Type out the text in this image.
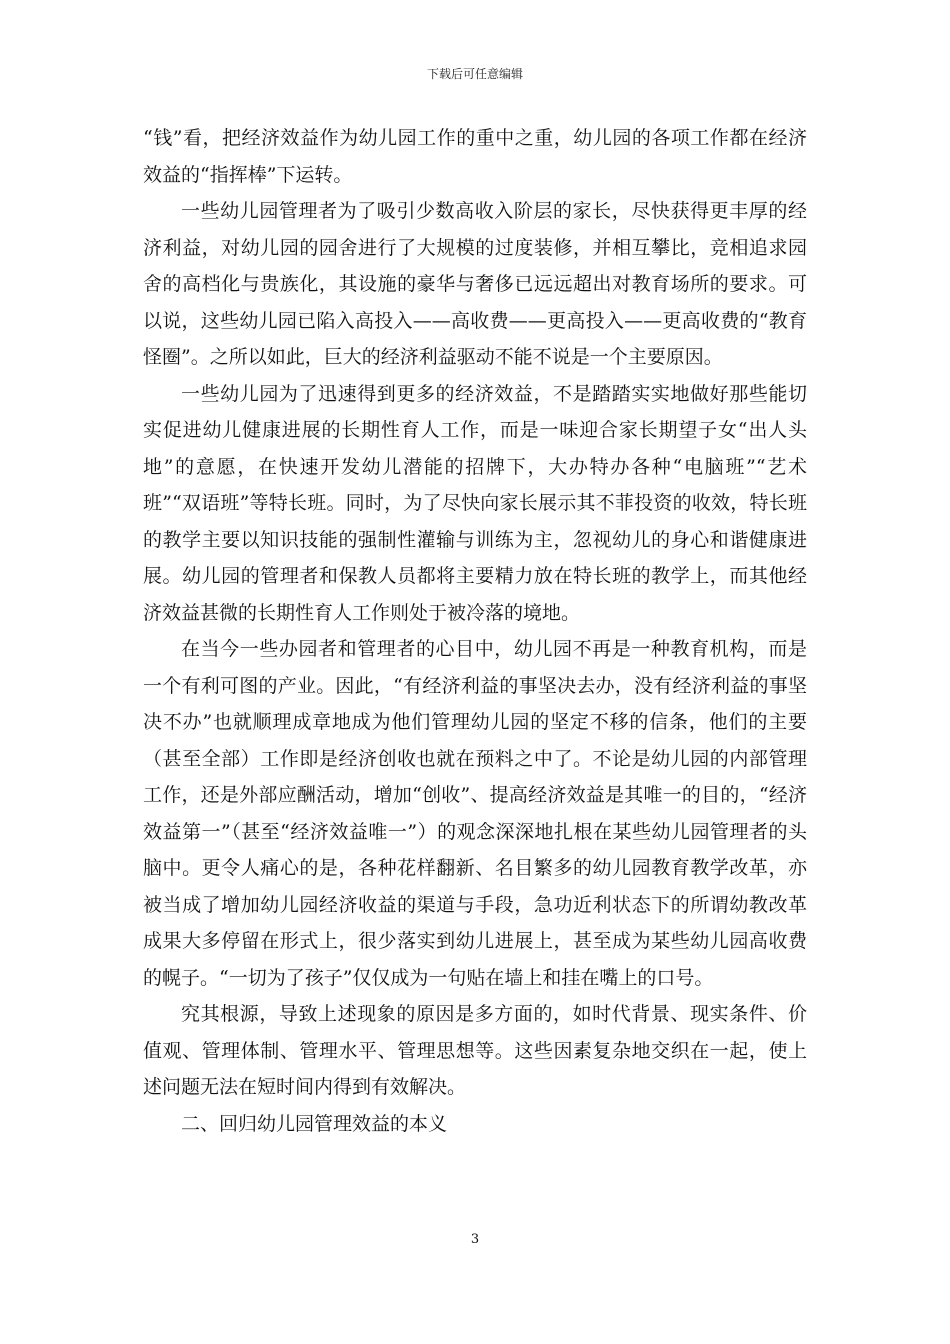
下载后可任意编辑

“钱”看，把经济效益作为幼儿园工作的重中之重，幼儿园的各项工作都在经济效益的“指挥棒”下运转。

一些幼儿园管理者为了吸引少数高收入阶层的家长，尽快获得更丰厚的经济利益，对幼儿园的园舍进行了大规模的过度装修，并相互攀比，竞相追求园舍的高档化与贵族化，其设施的豪华与奢侈已远远超出对教育场所的要求。可以说，这些幼儿园已陷入高投入——高收费——更高投入——更高收费的“教育怪圈”。之所以如此，巨大的经济利益驱动不能不说是一个主要原因。

一些幼儿园为了迅速得到更多的经济效益，不是踏踏实实地做好那些能切实促进幼儿健康进展的长期性育人工作，而是一味迎合家长期望子女“出人头地”的意愿，在快速开发幼儿潜能的招牌下，大办特办各种“电脑班”“艺术班”“双语班”等特长班。同时，为了尽快向家长展示其不菲投资的收效，特长班的教学主要以知识技能的强制性灌输与训练为主，忽视幼儿的身心和谐健康进展。幼儿园的管理者和保教人员都将主要精力放在特长班的教学上，而其他经济效益甚微的长期性育人工作则处于被冷落的境地。

在当今一些办园者和管理者的心目中，幼儿园不再是一种教育机构，而是一个有利可图的产业。因此，“有经济利益的事坚决去办，没有经济利益的事坚决不办”也就顺理成章地成为他们管理幼儿园的坚定不移的信条，他们的主要（甚至全部）工作即是经济创收也就在预料之中了。不论是幼儿园的内部管理工作，还是外部应酬活动，增加“创收”、提高经济效益是其唯一的目的，“经济效益第一”（甚至“经济效益唯一”）的观念深深地扎根在某些幼儿园管理者的头脑中。更令人痛心的是，各种花样翻新、名目繁多的幼儿园教育教学改革，亦被当成了增加幼儿园经济收益的渠道与手段，急功近利状态下的所谓幼教改革成果大多停留在形式上，很少落实到幼儿进展上，甚至成为某些幼儿园高收费的幌子。“一切为了孩子”仅仅成为一句贴在墙上和挂在嘴上的口号。

究其根源，导致上述现象的原因是多方面的，如时代背景、现实条件、价值观、管理体制、管理水平、管理思想等。这些因素复杂地交织在一起，使上述问题无法在短时间内得到有效解决。

二、回归幼儿园管理效益的本义

3
